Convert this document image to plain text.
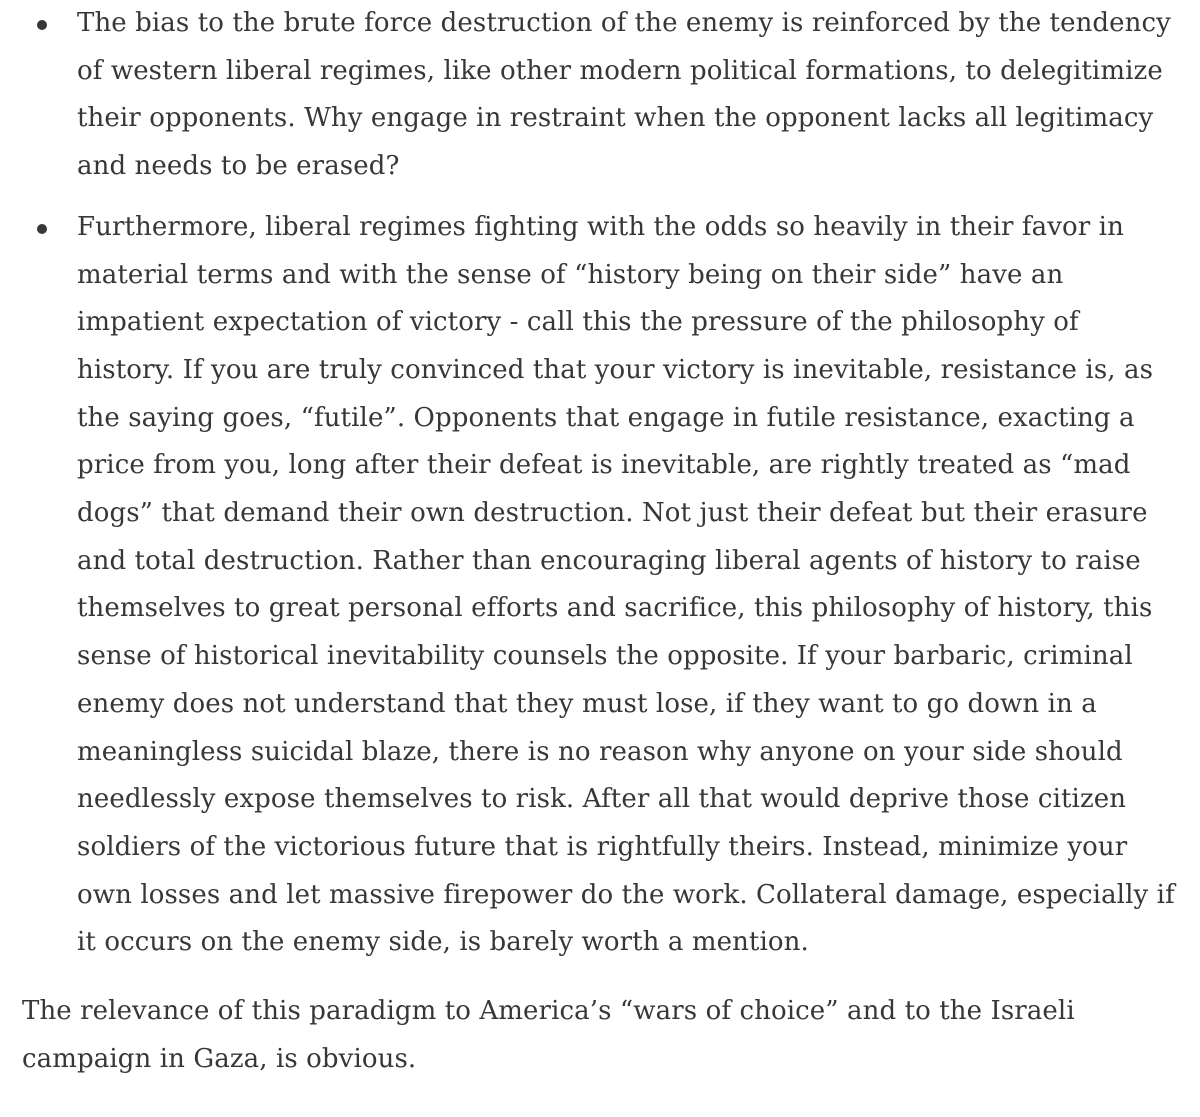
The bias to the brute force destruction of the enemy is reinforced by the tendency of western liberal regimes, like other modern political formations, to delegitimize their opponents. Why engage in restraint when the opponent lacks all legitimacy and needs to be erased?
Furthermore, liberal regimes fighting with the odds so heavily in their favor in material terms and with the sense of “history being on their side” have an impatient expectation of victory - call this the pressure of the philosophy of history. If you are truly convinced that your victory is inevitable, resistance is, as the saying goes, “futile”. Opponents that engage in futile resistance, exacting a price from you, long after their defeat is inevitable, are rightly treated as “mad dogs” that demand their own destruction. Not just their defeat but their erasure and total destruction. Rather than encouraging liberal agents of history to raise themselves to great personal efforts and sacrifice, this philosophy of history, this sense of historical inevitability counsels the opposite. If your barbaric, criminal enemy does not understand that they must lose, if they want to go down in a meaningless suicidal blaze, there is no reason why anyone on your side should needlessly expose themselves to risk. After all that would deprive those citizen soldiers of the victorious future that is rightfully theirs. Instead, minimize your own losses and let massive firepower do the work. Collateral damage, especially if it occurs on the enemy side, is barely worth a mention.

The relevance of this paradigm to America’s “wars of choice” and to the Israeli campaign in Gaza, is obvious.
